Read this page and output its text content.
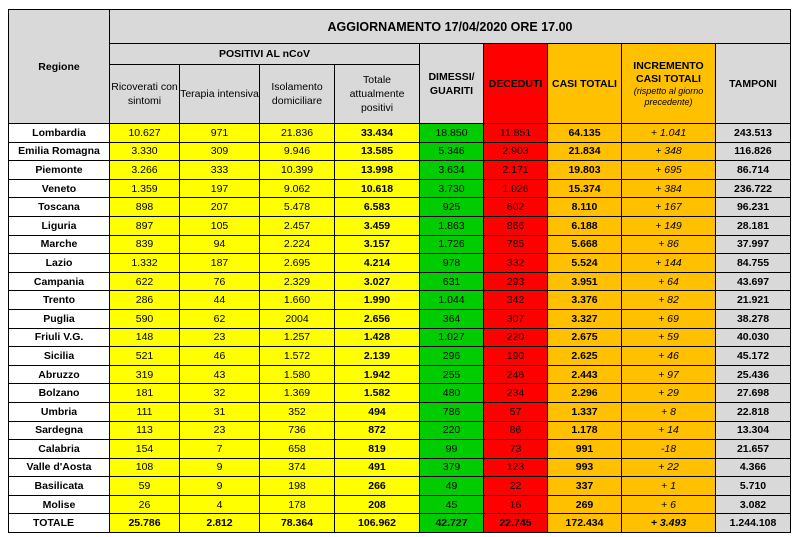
Regione	AGGIORNAMENTO 17/04/2020 ORE 17.00								
	POSITIVI AL nCoV				DIMESSI/ GUARITI	DECEDUTI	CASI TOTALI	INCREMENTO CASI TOTALI
(rispetto al giorno precedente)	TAMPONI
	Ricoverati con sintomi	Terapia intensiva	Isolamento domiciliare	Totale attualmente positivi					
Lombardia	10.627	971	21.836	33.434	18.850	11.851	64.135	+ 1.041	243.513
Emilia Romagna	3.330	309	9.946	13.585	5.346	2.903	21.834	+ 348	116.826
Piemonte	3.266	333	10.399	13.998	3.634	2.171	19.803	+ 695	86.714
Veneto	1.359	197	9.062	10.618	3.730	1.026	15.374	+ 384	236.722
Toscana	898	207	5.478	6.583	925	602	8.110	+ 167	96.231
Liguria	897	105	2.457	3.459	1.863	866	6.188	+ 149	28.181
Marche	839	94	2.224	3.157	1.726	785	5.668	+ 86	37.997
Lazio	1.332	187	2.695	4.214	978	332	5.524	+ 144	84.755
Campania	622	76	2.329	3.027	631	293	3.951	+ 64	43.697
Trento	286	44	1.660	1.990	1.044	342	3.376	+ 82	21.921
Puglia	590	62	2004	2.656	364	307	3.327	+ 69	38.278
Friuli V.G.	148	23	1.257	1.428	1.027	220	2.675	+ 59	40.030
Sicilia	521	46	1.572	2.139	296	190	2.625	+ 46	45.172
Abruzzo	319	43	1.580	1.942	255	246	2.443	+ 97	25.436
Bolzano	181	32	1.369	1.582	480	234	2.296	+ 29	27.698
Umbria	111	31	352	494	786	57	1.337	+ 8	22.818
Sardegna	113	23	736	872	220	86	1.178	+ 14	13.304
Calabria	154	7	658	819	99	73	991	-18	21.657
Valle d'Aosta	108	9	374	491	379	123	993	+ 22	4.366
Basilicata	59	9	198	266	49	22	337	+ 1	5.710
Molise	26	4	178	208	45	16	269	+ 6	3.082
TOTALE	25.786	2.812	78.364	106.962	42.727	22.745	172.434	+ 3.493	1.244.108
